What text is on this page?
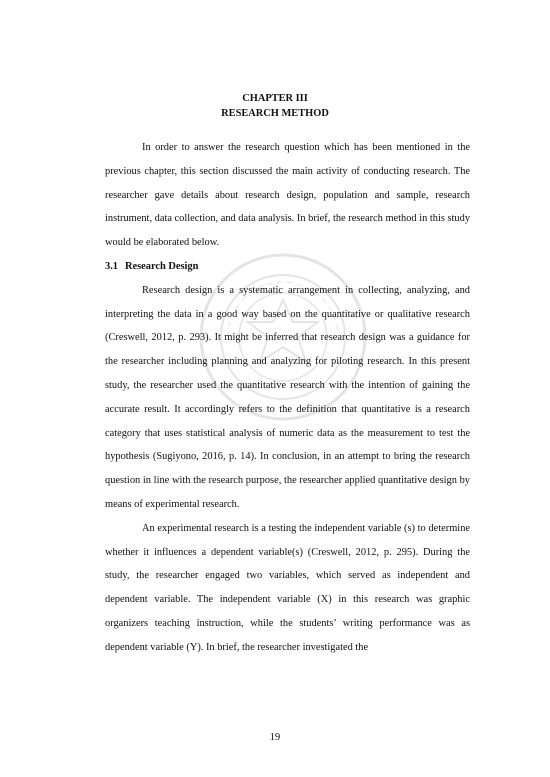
CHAPTER III
RESEARCH METHOD

In order to answer the research question which has been mentioned in the previous chapter, this section discussed the main activity of conducting research. The researcher gave details about research design, population and sample, research instrument, data collection, and data analysis. In brief, the research method in this study would be elaborated below.

3.1 Research Design

Research design is a systematic arrangement in collecting, analyzing, and interpreting the data in a good way based on the quantitative or qualitative research (Creswell, 2012, p. 293). It might be inferred that research design was a guidance for the researcher including planning and analyzing for piloting research. In this present study, the researcher used the quantitative research with the intention of gaining the accurate result. It accordingly refers to the definition that quantitative is a research category that uses statistical analysis of numeric data as the measurement to test the hypothesis (Sugiyono, 2016, p. 14). In conclusion, in an attempt to bring the research question in line with the research purpose, the researcher applied quantitative design by means of experimental research.

An experimental research is a testing the independent variable (s) to determine whether it influences a dependent variable(s) (Creswell, 2012, p. 295). During the study, the researcher engaged two variables, which served as independent and dependent variable. The independent variable (X) in this research was graphic organizers teaching instruction, while the students’ writing performance was as dependent variable (Y). In brief, the researcher investigated the

19
